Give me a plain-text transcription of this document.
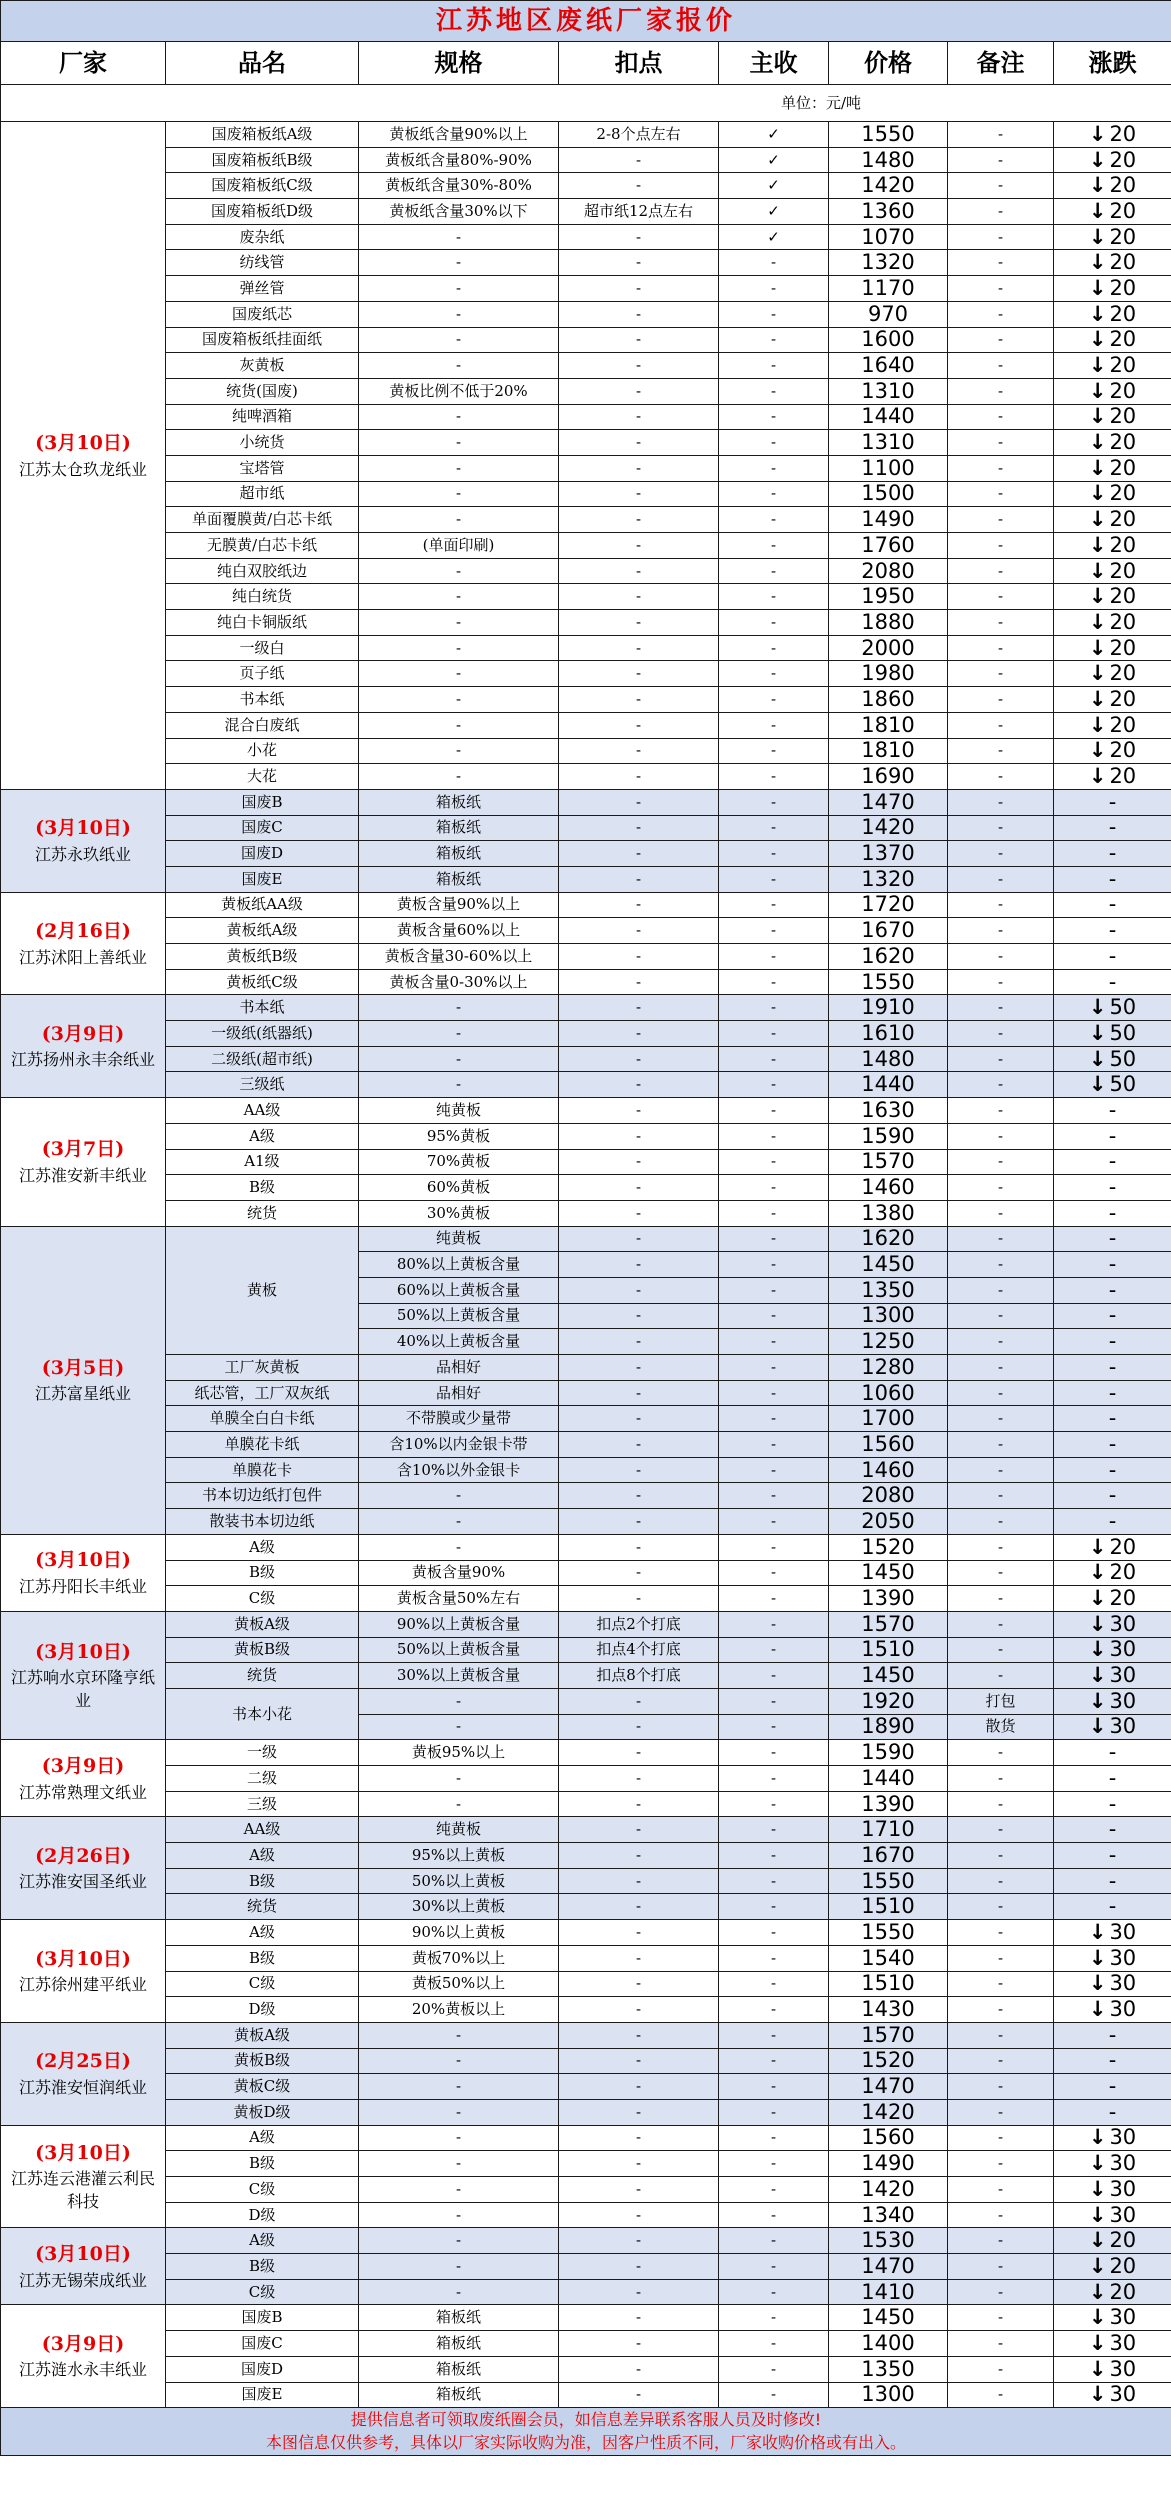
江苏地区废纸厂家报价							
厂家	品名	规格	扣点	主收	价格	备注	涨跌
单位：元/吨							

(3月10日)
江苏太仓玖龙纸业	国废箱板纸A级	黄板纸含量90%以上	2-8个点左右	✓	1550	-	↓ 20
	国废箱板纸B级	黄板纸含量80%-90%	-	✓	1480	-	↓ 20
	国废箱板纸C级	黄板纸含量30%-80%	-	✓	1420	-	↓ 20
	国废箱板纸D级	黄板纸含量30%以下	超市纸12点左右	✓	1360	-	↓ 20
	废杂纸	-	-	✓	1070	-	↓ 20
	纺线管	-	-	-	1320	-	↓ 20
	弹丝管	-	-	-	1170	-	↓ 20
	国废纸芯	-	-	-	970	-	↓ 20
	国废箱板纸挂面纸	-	-	-	1600	-	↓ 20
	灰黄板	-	-	-	1640	-	↓ 20
	统货(国废)	黄板比例不低于20%	-	-	1310	-	↓ 20
	纯啤酒箱	-	-	-	1440	-	↓ 20
	小统货	-	-	-	1310	-	↓ 20
	宝塔管	-	-	-	1100	-	↓ 20
	超市纸	-	-	-	1500	-	↓ 20
	单面覆膜黄/白芯卡纸	-	-	-	1490	-	↓ 20
	无膜黄/白芯卡纸	(单面印刷)	-	-	1760	-	↓ 20
	纯白双胶纸边	-	-	-	2080	-	↓ 20
	纯白统货	-	-	-	1950	-	↓ 20
	纯白卡铜版纸	-	-	-	1880	-	↓ 20
	一级白	-	-	-	2000	-	↓ 20
	页子纸	-	-	-	1980	-	↓ 20
	书本纸	-	-	-	1860	-	↓ 20
	混合白废纸	-	-	-	1810	-	↓ 20
	小花	-	-	-	1810	-	↓ 20
	大花	-	-	-	1690	-	↓ 20

(3月10日)
江苏永玖纸业	国废B	箱板纸	-	-	1470	-	-
	国废C	箱板纸	-	-	1420	-	-
	国废D	箱板纸	-	-	1370	-	-
	国废E	箱板纸	-	-	1320	-	-

(2月16日)
江苏沭阳上善纸业	黄板纸AA级	黄板含量90%以上	-	-	1720	-	-
	黄板纸A级	黄板含量60%以上	-	-	1670	-	-
	黄板纸B级	黄板含量30-60%以上	-	-	1620	-	-
	黄板纸C级	黄板含量0-30%以上	-	-	1550	-	-

(3月9日)
江苏扬州永丰余纸业	书本纸	-	-	-	1910	-	↓ 50
	一级纸(纸器纸)	-	-	-	1610	-	↓ 50
	二级纸(超市纸)	-	-	-	1480	-	↓ 50
	三级纸	-	-	-	1440	-	↓ 50

(3月7日)
江苏淮安新丰纸业	AA级	纯黄板	-	-	1630	-	-
	A级	95%黄板	-	-	1590	-	-
	A1级	70%黄板	-	-	1570	-	-
	B级	60%黄板	-	-	1460	-	-
	统货	30%黄板	-	-	1380	-	-

(3月5日)
江苏富星纸业	黄板	纯黄板	-	-	1620	-	-
		80%以上黄板含量	-	-	1450	-	-
		60%以上黄板含量	-	-	1350	-	-
		50%以上黄板含量	-	-	1300	-	-
		40%以上黄板含量	-	-	1250	-	-
	工厂灰黄板	品相好	-	-	1280	-	-
	纸芯管，工厂双灰纸	品相好	-	-	1060	-	-
	单膜全白白卡纸	不带膜或少量带	-	-	1700	-	-
	单膜花卡纸	含10%以内金银卡带	-	-	1560	-	-
	单膜花卡	含10%以外金银卡	-	-	1460	-	-
	书本切边纸打包件	-	-	-	2080	-	-
	散装书本切边纸	-	-	-	2050	-	-

(3月10日)
江苏丹阳长丰纸业	A级	-	-	-	1520	-	↓ 20
	B级	黄板含量90%	-	-	1450	-	↓ 20
	C级	黄板含量50%左右	-	-	1390	-	↓ 20

(3月10日)
江苏响水京环隆亨纸业	黄板A级	90%以上黄板含量	扣点2个打底	-	1570	-	↓ 30
	黄板B级	50%以上黄板含量	扣点4个打底	-	1510	-	↓ 30
	统货	30%以上黄板含量	扣点8个打底	-	1450	-	↓ 30
	书本小花	-	-	-	1920	打包	↓ 30
		-	-	-	1890	散货	↓ 30

(3月9日)
江苏常熟理文纸业	一级	黄板95%以上	-	-	1590	-	-
	二级	-	-	-	1440	-	-
	三级	-	-	-	1390	-	-

(2月26日)
江苏淮安国圣纸业	AA级	纯黄板	-	-	1710	-	-
	A级	95%以上黄板	-	-	1670	-	-
	B级	50%以上黄板	-	-	1550	-	-
	统货	30%以上黄板	-	-	1510	-	-

(3月10日)
江苏徐州建平纸业	A级	90%以上黄板	-	-	1550	-	↓ 30
	B级	黄板70%以上	-	-	1540	-	↓ 30
	C级	黄板50%以上	-	-	1510	-	↓ 30
	D级	20%黄板以上	-	-	1430	-	↓ 30

(2月25日)
江苏淮安恒润纸业	黄板A级	-	-	-	1570	-	-
	黄板B级	-	-	-	1520	-	-
	黄板C级	-	-	-	1470	-	-
	黄板D级	-	-	-	1420	-	-

(3月10日)
江苏连云港灌云利民科技	A级	-	-	-	1560	-	↓ 30
	B级	-	-	-	1490	-	↓ 30
	C级	-	-	-	1420	-	↓ 30
	D级	-	-	-	1340	-	↓ 30

(3月10日)
江苏无锡荣成纸业	A级	-	-	-	1530	-	↓ 20
	B级	-	-	-	1470	-	↓ 20
	C级	-	-	-	1410	-	↓ 20

(3月9日)
江苏涟水永丰纸业	国废B	箱板纸	-	-	1450	-	↓ 30
	国废C	箱板纸	-	-	1400	-	↓ 30
	国废D	箱板纸	-	-	1350	-	↓ 30
	国废E	箱板纸	-	-	1300	-	↓ 30

提供信息者可领取废纸圈会员，如信息差异联系客服人员及时修改!
本图信息仅供参考，具体以厂家实际收购为准，因客户性质不同，厂家收购价格或有出入。							
